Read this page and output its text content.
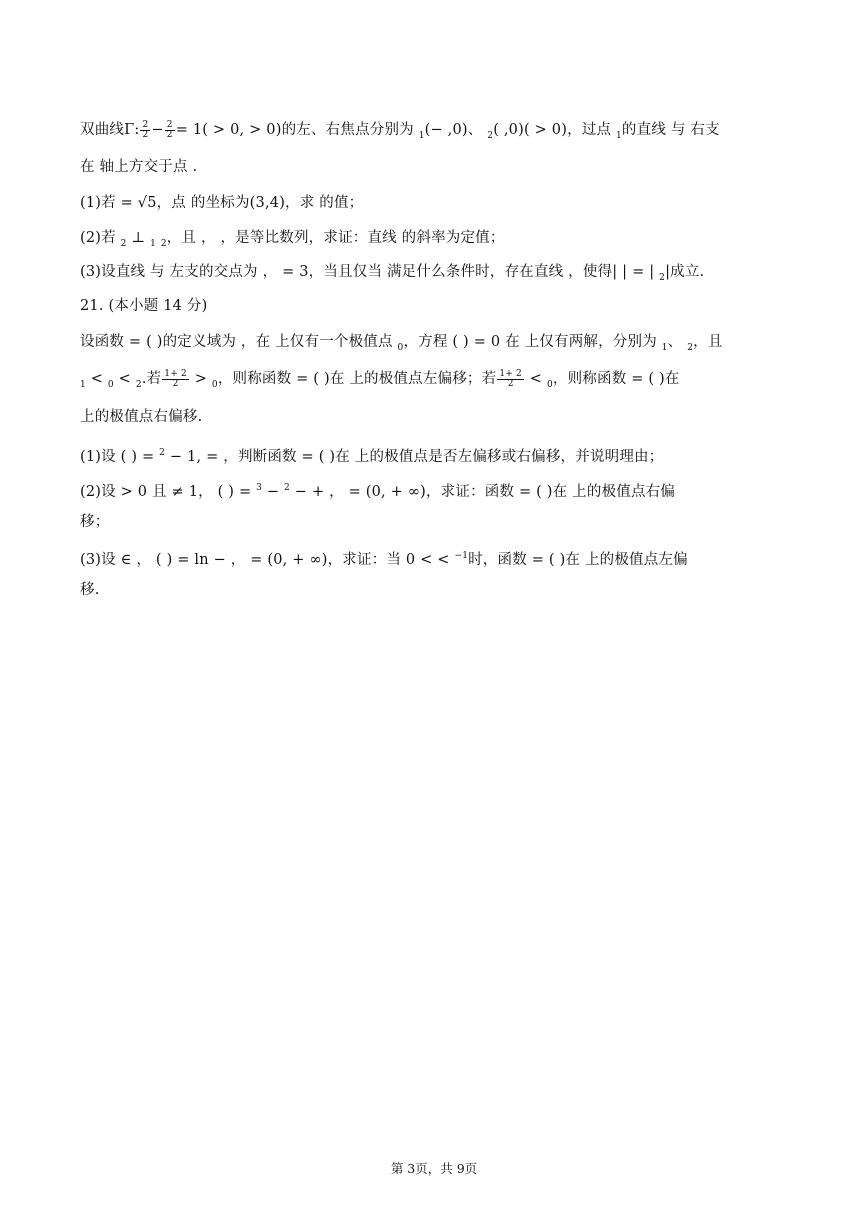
双曲线Γ: $\frac{2}{2} - \frac{2}{2} = 1( > 0$, > 0)的左、右焦点分别为 $_1$(− ,0)、 $_2$( ,0)( > 0)，过点 $_1$的直线 与 右支
在 轴上方交于点 .
(1)若 = √5，点 的坐标为(3,4)，求 的值；
(2)若 $_2$ ⊥ $_1$ $_2$，且 ， ，是等比数列，求证：直线 的斜率为定值；
(3)设直线 与 左支的交点为 ， = 3，当且仅当 满足什么条件时，存在直线 ，使得| | = | $_2$|成立.
21. (本小题 14 分)
设函数 = ( )的定义域为 ，在 上仅有一个极值点 $_0$，方程 ( ) = 0 在 上仅有两解，分别为 $_1$、 $_2$，且
$_1$ < $_0$ < $_2$.若 $\frac{1+ 2}{2} > _0$，则称函数 = ( )在 上的极值点左偏移；若 $\frac{1+ 2}{2} < _0$，则称函数 = ( )在
上的极值点右偏移.
(1)设 ( ) = $^2$ − 1, = ，判断函数 = ( )在 上的极值点是否左偏移或右偏移，并说明理由；
(2)设 > 0 且 ≠ 1， ( ) = $^3$ − $^2$ − + ， = (0, + ∞)，求证：函数 = ( )在 上的极值点右偏
移；
(3)设 ∈ ， ( ) = ln − ， = (0, + ∞)，求证：当 0 < < $^{-1}$时，函数 = ( )在 上的极值点左偏
移.
第 3页，共 9页
